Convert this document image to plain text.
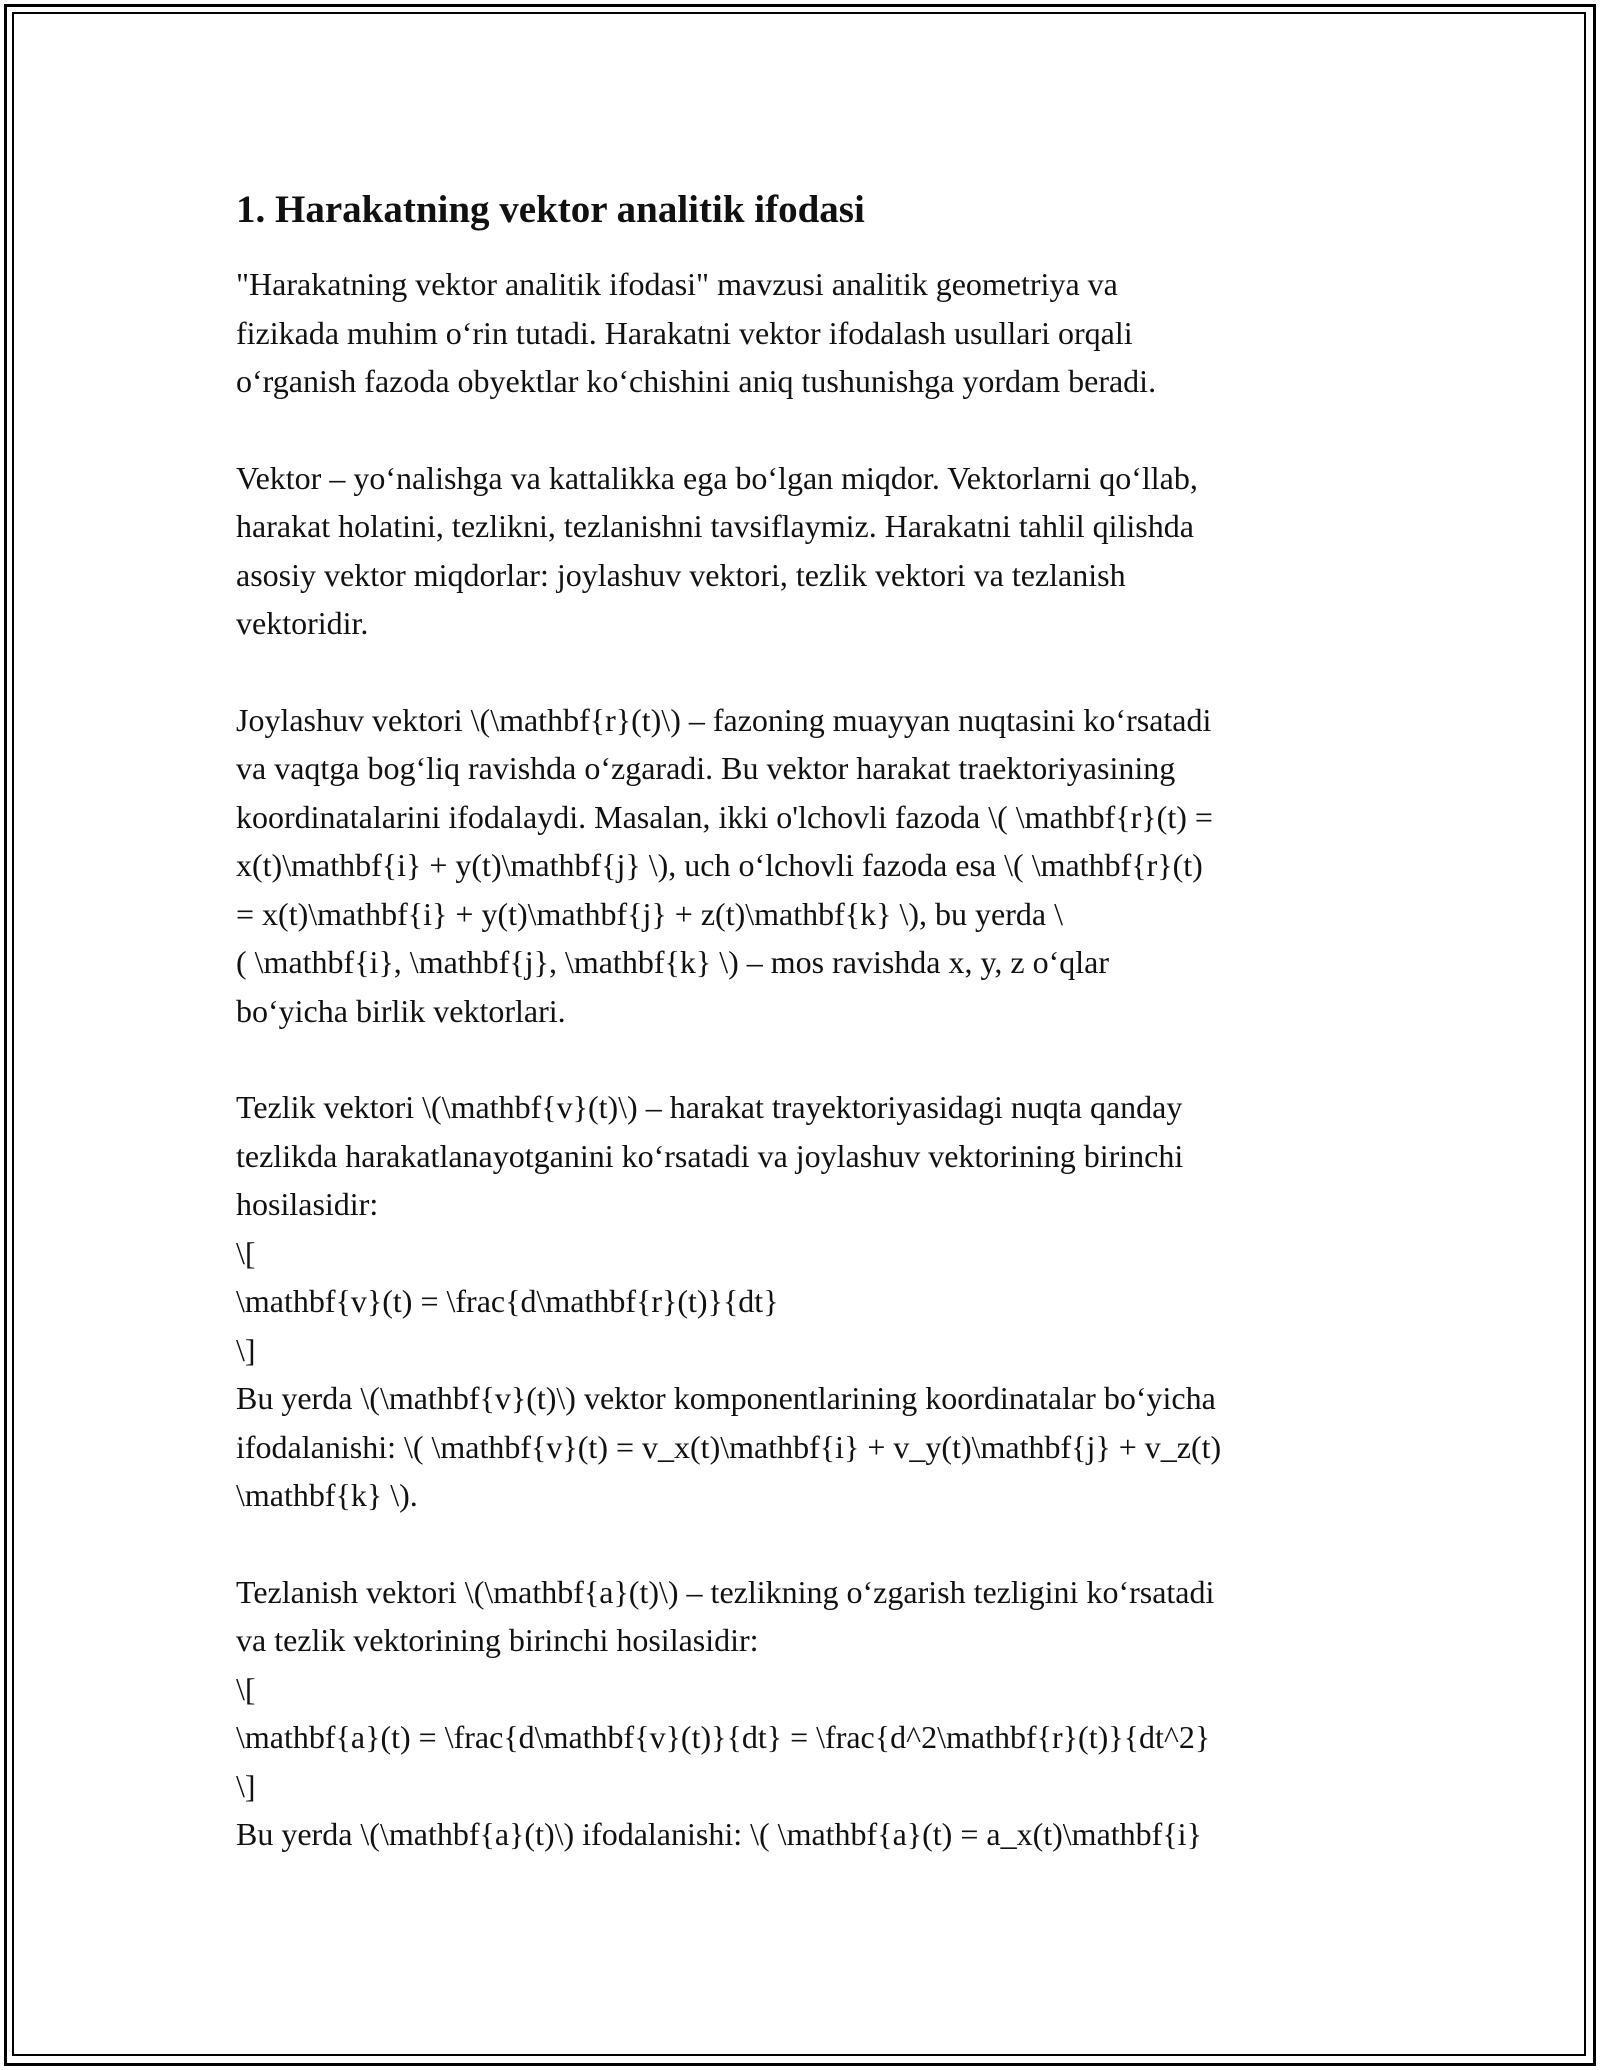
1. Harakatning vektor analitik ifodasi
"Harakatning vektor analitik ifodasi" mavzusi analitik geometriya va
fizikada muhim oʻrin tutadi. Harakatni vektor ifodalash usullari orqali
oʻrganish fazoda obyektlar koʻchishini aniq tushunishga yordam beradi.
Vektor – yoʻnalishga va kattalikka ega boʻlgan miqdor. Vektorlarni qoʻllab,
harakat holatini, tezlikni, tezlanishni tavsiflaymiz. Harakatni tahlil qilishda
asosiy vektor miqdorlar: joylashuv vektori, tezlik vektori va tezlanish
vektoridir.
Joylashuv vektori \(\mathbf{r}(t)\) – fazoning muayyan nuqtasini koʻrsatadi
va vaqtga bogʻliq ravishda oʻzgaradi. Bu vektor harakat traektoriyasining
koordinatalarini ifodalaydi. Masalan, ikki o'lchovli fazoda \( \mathbf{r}(t) =
x(t)\mathbf{i} + y(t)\mathbf{j} \), uch oʻlchovli fazoda esa \( \mathbf{r}(t)
= x(t)\mathbf{i} + y(t)\mathbf{j} + z(t)\mathbf{k} \), bu yerda \
( \mathbf{i}, \mathbf{j}, \mathbf{k} \) – mos ravishda x, y, z oʻqlar
boʻyicha birlik vektorlari.
Tezlik vektori \(\mathbf{v}(t)\) – harakat trayektoriyasidagi nuqta qanday
tezlikda harakatlanayotganini koʻrsatadi va joylashuv vektorining birinchi
hosilasidir:
\[
\mathbf{v}(t) = \frac{d\mathbf{r}(t)}{dt}
\]
Bu yerda \(\mathbf{v}(t)\) vektor komponentlarining koordinatalar boʻyicha
ifodalanishi: \( \mathbf{v}(t) = v_x(t)\mathbf{i} + v_y(t)\mathbf{j} + v_z(t)
\mathbf{k} \).
Tezlanish vektori \(\mathbf{a}(t)\) – tezlikning oʻzgarish tezligini koʻrsatadi
va tezlik vektorining birinchi hosilasidir:
\[
\mathbf{a}(t) = \frac{d\mathbf{v}(t)}{dt} = \frac{d^2\mathbf{r}(t)}{dt^2}
\]
Bu yerda \(\mathbf{a}(t)\) ifodalanishi: \( \mathbf{a}(t) = a_x(t)\mathbf{i}
